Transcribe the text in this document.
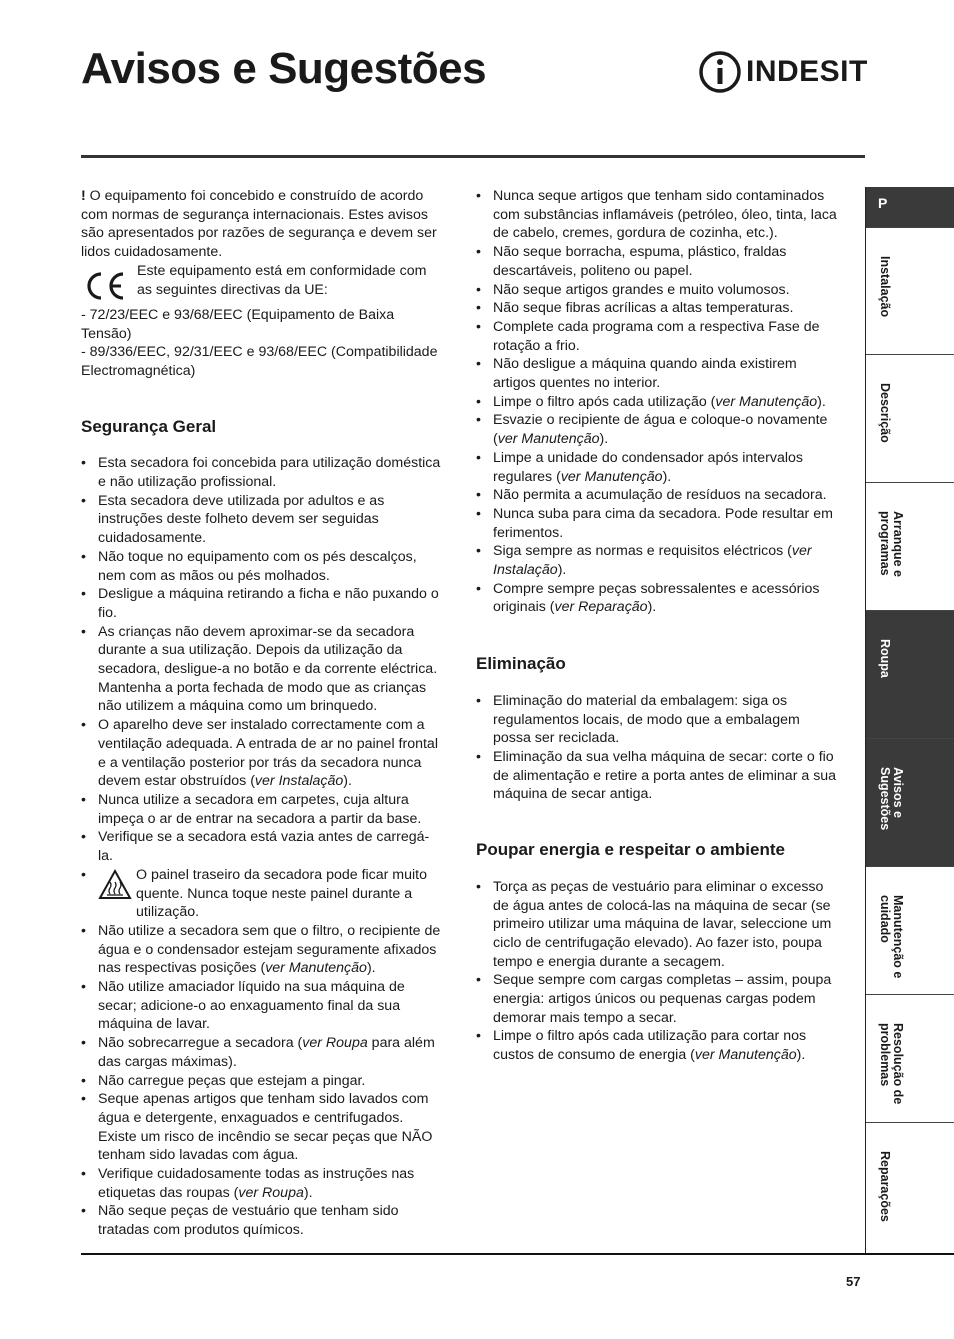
Avisos e Sugestões	INDESIT

! O equipamento foi concebido e construído de acordo com normas de segurança internacionais. Estes avisos são apresentados por razões de segurança e devem ser lidos cuidadosamente.

Este equipamento está em conformidade com as seguintes directivas da UE:

- 72/23/EEC e 93/68/EEC (Equipamento de Baixa Tensão)

- 89/336/EEC, 92/31/EEC e 93/68/EEC (Compatibilidade Electromagnética)

Segurança Geral
• Esta secadora foi concebida para utilização doméstica e não utilização profissional.
• Esta secadora deve utilizada por adultos e as instruções deste folheto devem ser seguidas cuidadosamente.
• Não toque no equipamento com os pés descalços, nem com as mãos ou pés molhados.
• Desligue a máquina retirando a ficha e não puxando o fio.
• As crianças não devem aproximar-se da secadora durante a sua utilização. Depois da utilização da secadora, desligue-a no botão e da corrente eléctrica. Mantenha a porta fechada de modo que as crianças não utilizem a máquina como um brinquedo.
• O aparelho deve ser instalado correctamente com a ventilação adequada. A entrada de ar no painel frontal e a ventilação posterior por trás da secadora nunca devem estar obstruídos (ver Instalação).
• Nunca utilize a secadora em carpetes, cuja altura impeça o ar de entrar na secadora a partir da base.
• Verifique se a secadora está vazia antes de carregá-la.
• O painel traseiro da secadora pode ficar muito quente. Nunca toque neste painel durante a utilização.
• Não utilize a secadora sem que o filtro, o recipiente de água e o condensador estejam seguramente afixados nas respectivas posições (ver Manutenção).
• Não utilize amaciador líquido na sua máquina de secar; adicione-o ao enxaguamento final da sua máquina de lavar.
• Não sobrecarregue a secadora (ver Roupa para além das cargas máximas).
• Não carregue peças que estejam a pingar.
• Seque apenas artigos que tenham sido lavados com água e detergente, enxaguados e centrifugados. Existe um risco de incêndio se secar peças que NÃO tenham sido lavadas com água.
• Verifique cuidadosamente todas as instruções nas etiquetas das roupas (ver Roupa).
• Não seque peças de vestuário que tenham sido tratadas com produtos químicos.
• Nunca seque artigos que tenham sido contaminados com substâncias inflamáveis (petróleo, óleo, tinta, laca de cabelo, cremes, gordura de cozinha, etc.).
• Não seque borracha, espuma, plástico, fraldas descartáveis, politeno ou papel.
• Não seque artigos grandes e muito volumosos.
• Não seque fibras acrílicas a altas temperaturas.
• Complete cada programa com a respectiva Fase de rotação a frio.
• Não desligue a máquina quando ainda existirem artigos quentes no interior.
• Limpe o filtro após cada utilização (ver Manutenção).
• Esvazie o recipiente de água e coloque-o novamente (ver Manutenção).
• Limpe a unidade do condensador após intervalos regulares (ver Manutenção).
• Não permita a acumulação de resíduos na secadora.
• Nunca suba para cima da secadora. Pode resultar em ferimentos.
• Siga sempre as normas e requisitos eléctricos (ver Instalação).
• Compre sempre peças sobressalentes e acessórios originais (ver Reparação).
Eliminação
• Eliminação do material da embalagem: siga os regulamentos locais, de modo que a embalagem possa ser reciclada.
• Eliminação da sua velha máquina de secar: corte o fio de alimentação e retire a porta antes de eliminar a sua máquina de secar antiga.
Poupar energia e respeitar o ambiente
• Torça as peças de vestuário para eliminar o excesso de água antes de colocá-las na máquina de secar (se primeiro utilizar uma máquina de lavar, seleccione um ciclo de centrifugação elevado). Ao fazer isto, poupa tempo e energia durante a secagem.
• Seque sempre com cargas completas – assim, poupa energia: artigos únicos ou pequenas cargas podem demorar mais tempo a secar.
• Limpe o filtro após cada utilização para cortar nos custos de consumo de energia (ver Manutenção).
P
Instalação
Descrição
Arranque e programas
Roupa
Avisos e Sugestões
Manutenção e cuidado
Resolução de problemas
Reparações
57
